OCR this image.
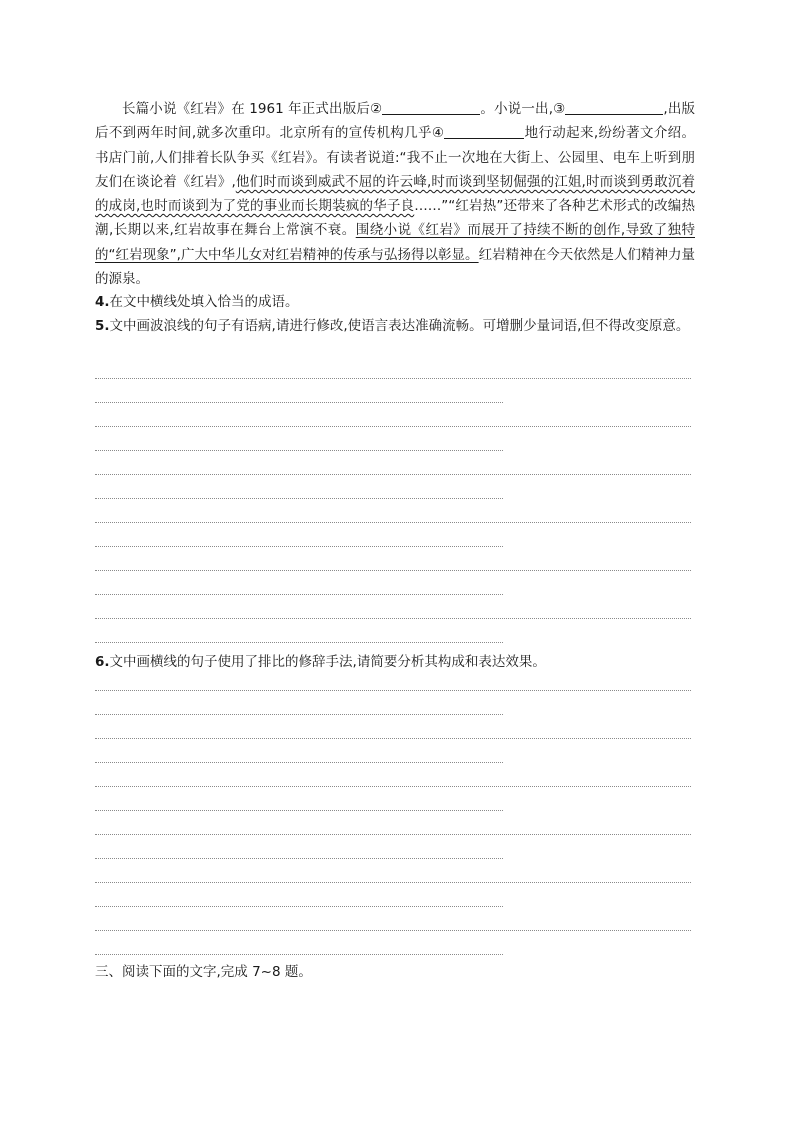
长篇小说《红岩》在 1961 年正式出版后②	。小说一出,③	,出版后不到两年时间,就多次重印。北京所有的宣传机构几乎④	地行动起来,纷纷著文介绍。书店门前,人们排着长队争买《红岩》。有读者说道:“我不止一次地在大街上、公园里、电车上听到朋友们在谈论着《红岩》,他们时而谈到威武不屈的许云峰,时而谈到坚韧倔强的江姐,时而谈到勇敢沉着的成岗,也时而谈到为了党的事业而长期装疯的华子良……”“红岩热”还带来了各种艺术形式的改编热潮,长期以来,红岩故事在舞台上常演不衰。围绕小说《红岩》而展开了持续不断的创作,导致了独特的“红岩现象”,广大中华儿女对红岩精神的传承与弘扬得以彰显。红岩精神在今天依然是人们精神力量的源泉。

4.在文中横线处填入恰当的成语。

5.文中画波浪线的句子有语病,请进行修改,使语言表达准确流畅。可增删少量词语,但不得改变原意。

6.文中画横线的句子使用了排比的修辞手法,请简要分析其构成和表达效果。

三、阅读下面的文字,完成 7~8 题。
